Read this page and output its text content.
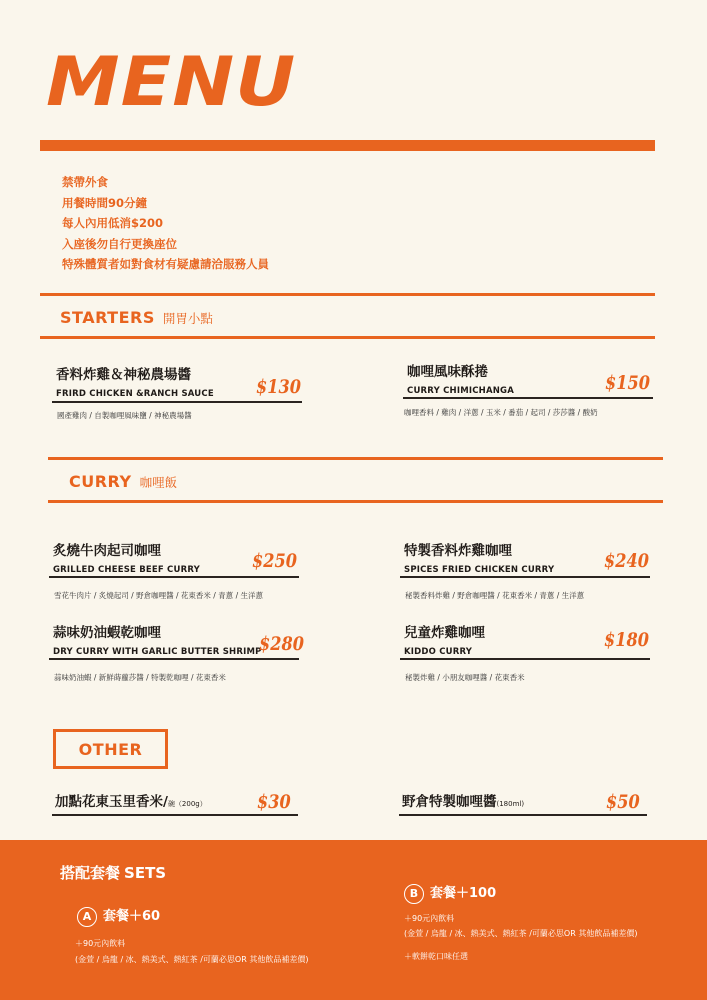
MENU
禁帶外食
用餐時間90分鐘
每人內用低消$200
入座後勿自行更換座位
特殊體質者如對食材有疑慮請洽服務人員
STARTERS 開胃小點
香料炸雞＆神秘農場醬
FRIRD CHICKEN &RANCH SAUCE $130
國產雞肉 / 自製咖哩風味鹽 / 神秘農場醬
咖哩風味酥捲
CURRY CHIMICHANGA	$150
咖哩香料 / 雞肉 / 洋蔥 / 玉米 / 番茄 / 起司 / 莎莎醬 / 酸奶
CURRY 咖哩飯
炙燒牛肉起司咖哩
GRILLED CHEESE BEEF CURRY	$250
雪花牛肉片 / 炙燒起司 / 野倉咖哩醬 / 花東香米 / 青蔥 / 生洋蔥
特製香料炸雞咖哩
SPICES FRIED CHICKEN CURRY	$240
秘製香料炸雞 / 野倉咖哩醬 / 花東香米 / 青蔥 / 生洋蔥
蒜味奶油蝦乾咖哩
DRY CURRY WITH GARLIC BUTTER SHRIMP
$280
蒜味奶油蝦 / 新鮮蒔蘿莎醬 / 特製乾咖哩 / 花東香米
兒童炸雞咖哩
KIDDO CURRY
$180
秘製炸雞 / 小朋友咖哩醬 / 花東香米
OTHER
加點花東玉里香米/碗（200g）	$30	野倉特製咖哩醬(180ml)	$50
搭配套餐 SETS
A 套餐＋60
＋90元內飲料
(金萱 / 烏龍 / 冰、熱美式、熱紅茶 /可蘭必思OR 其他飲品補差價)
B 套餐＋100
＋90元內飲料
(金萱 / 烏龍 / 冰、熱美式、熱紅茶 /可蘭必思OR 其他飲品補差價)
＋軟餅乾口味任選
